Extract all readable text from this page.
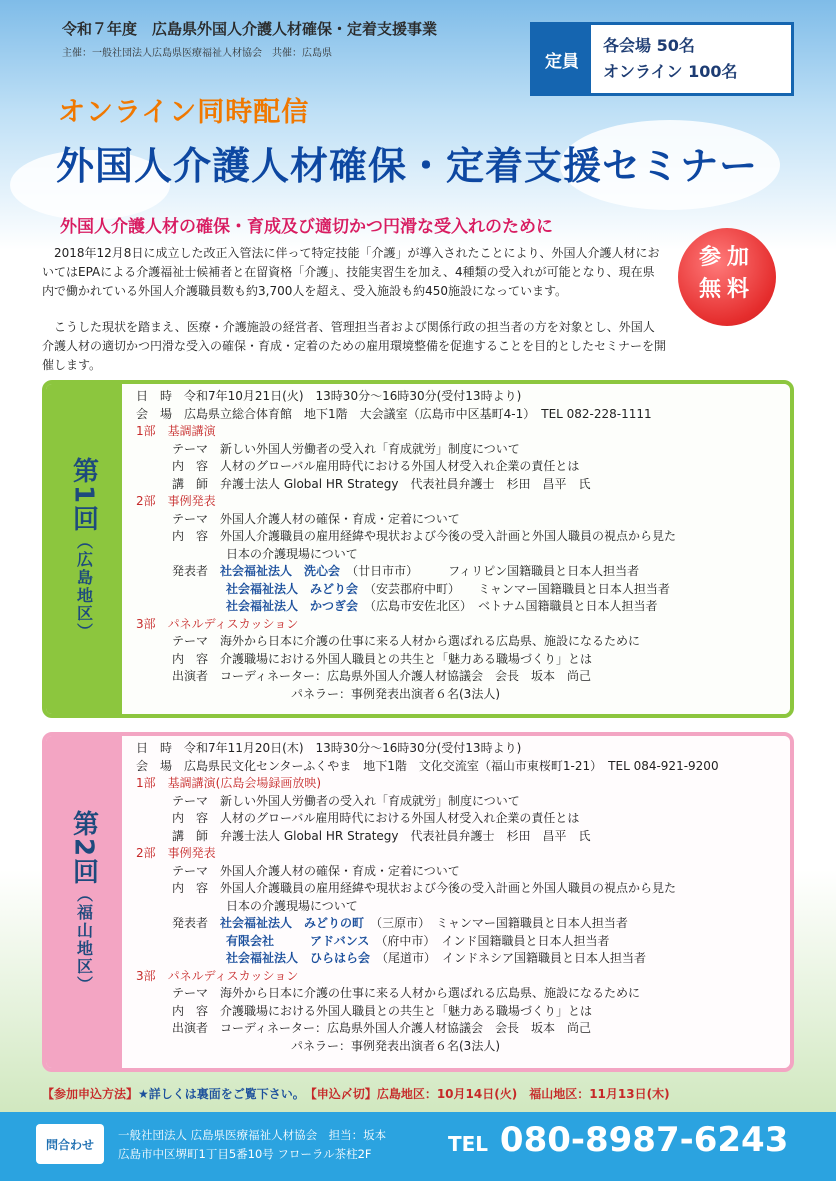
令和７年度　広島県外国人介護人材確保・定着支援事業
主催：一般社団法人広島県医療福祉人材協会　共催：広島県	定員
各会場 50名
オンライン 100名
オンライン同時配信
外国人介護人材確保・定着支援セミナー
外国人介護人材の確保・育成及び適切かつ円滑な受入れのために
参加
無料

2018年12月8日に成立した改正入管法に伴って特定技能「介護」が導入されたことにより、外国人介護人材においてはEPAによる介護福祉士候補者と在留資格「介護」、技能実習生を加え、4種類の受入れが可能となり、現在県内で働かれている外国人介護職員数も約3,700人を超え、受入施設も約450施設になっています。

こうした現状を踏まえ、医療・介護施設の経営者、管理担当者および関係行政の担当者の方を対象とし、外国人介護人材の適切かつ円滑な受入の確保・育成・定着のための雇用環境整備を促進することを目的としたセミナーを開催します。

第1回（広島地区）
日　時　令和7年10月21日(火)　13時30分～16時30分(受付13時より)
会　場　広島県立総合体育館　地下1階　大会議室（広島市中区基町4-1）　TEL 082-228-1111
1部　基調講演
テーマ　新しい外国人労働者の受入れ「育成就労」制度について
内　容　人材のグローバル雇用時代における外国人材受入れ企業の責任とは
講　師　弁護士法人 Global HR Strategy　代表社員弁護士　杉田　昌平　氏
2部　事例発表
テーマ　外国人介護人材の確保・育成・定着について
内　容　外国人介護職員の雇用経緯や現状および今後の受入計画と外国人職員の視点から見た
日本の介護現場について
発表者　 社会福祉法人　洗心会　 （廿日市市）　　　	フィリピン国籍職員と日本人担当者
社会福祉法人　みどり会　 （安芸郡府中町）　　 ミャンマー国籍職員と日本人担当者
社会福祉法人　かつぎ会　 （広島市安佐北区）　 ベトナム国籍職員と日本人担当者
3部　パネルディスカッション
テーマ　海外から日本に介護の仕事に来る人材から選ばれる広島県、施設になるために
内　容　介護職場における外国人職員との共生と「魅力ある職場づくり」とは
出演者　コーディネーター：広島県外国人介護人材協議会　会長　坂本　尚己
パネラー：事例発表出演者６名(3法人)
第2回（福山地区）
日　時　令和7年11月20日(木)　13時30分～16時30分(受付13時より)
会　場　広島県民文化センターふくやま　地下1階　文化交流室（福山市東桜町1-21）　TEL 084-921-9200
1部　基調講演(広島会場録画放映)
テーマ　新しい外国人労働者の受入れ「育成就労」制度について
内　容　人材のグローバル雇用時代における外国人材受入れ企業の責任とは
講　師　弁護士法人 Global HR Strategy　代表社員弁護士　杉田　昌平　氏
2部　事例発表
テーマ　外国人介護人材の確保・育成・定着について
内　容　外国人介護職員の雇用経緯や現状および今後の受入計画と外国人職員の視点から見た
日本の介護現場について
発表者　 社会福祉法人　みどりの町　 （三原市）　 ミャンマー国籍職員と日本人担当者
有限会社　　　アドバンス　 （府中市）　 インド国籍職員と日本人担当者
社会福祉法人　ひらはら会　 （尾道市）　 インドネシア国籍職員と日本人担当者
3部　パネルディスカッション
テーマ　海外から日本に介護の仕事に来る人材から選ばれる広島県、施設になるために
内　容　介護職場における外国人職員との共生と「魅力ある職場づくり」とは
出演者　コーディネーター：広島県外国人介護人材協議会　会長　坂本　尚己
パネラー：事例発表出演者６名(3法人)
【参加申込方法】★詳しくは裏面をご覧下さい。　 【申込〆切】広島地区：10月14日(火)　 福山地区：11月13日(木)
問合わせ
一般社団法人 広島県医療福祉人材協会　担当：坂本
広島市中区堺町1丁目5番10号 フローラル茶柱2F	TEL 080-8987-6243
